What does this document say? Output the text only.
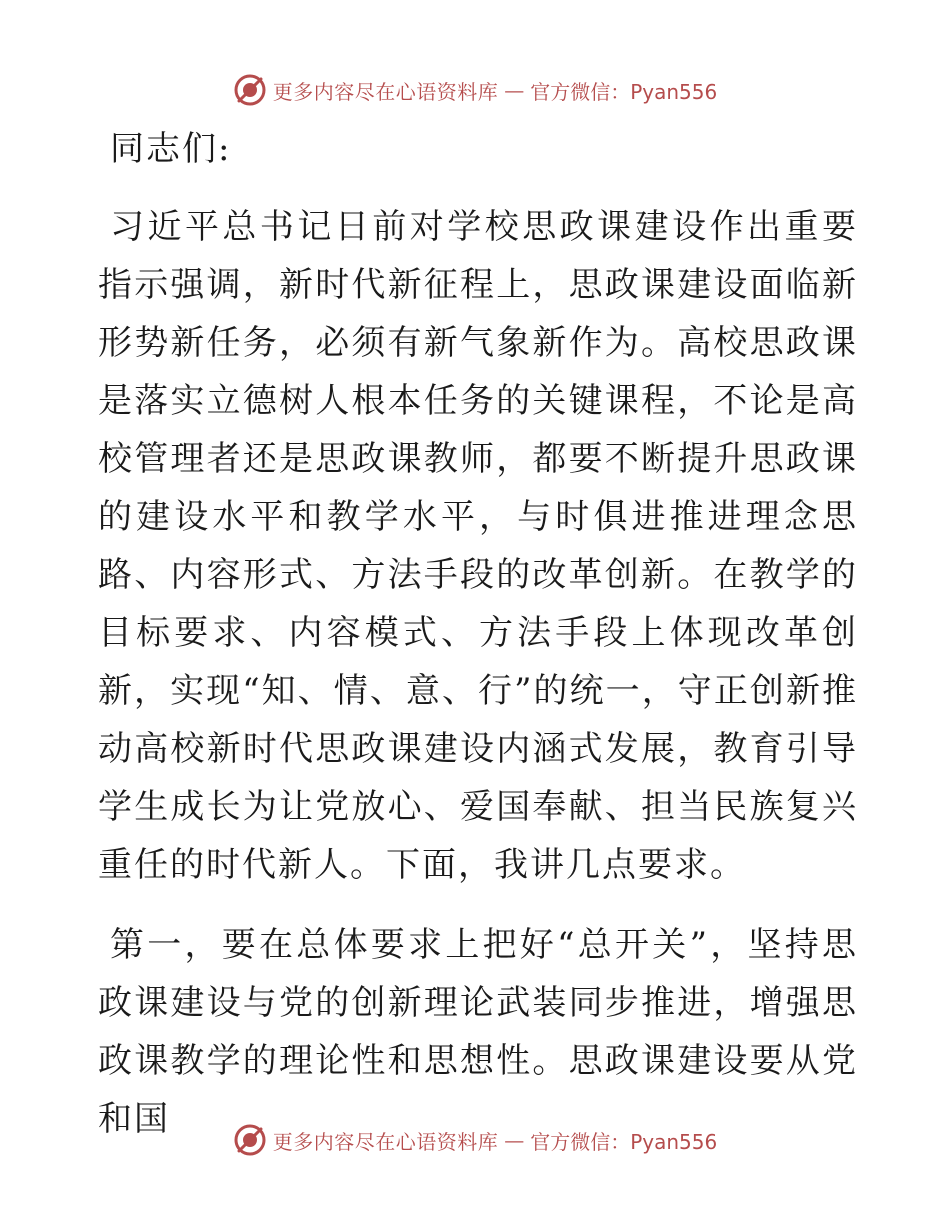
更多内容尽在心语资料库 — 官方微信：Pyan556

同志们:

习近平总书记日前对学校思政课建设作出重要指示强调，新时代新征程上，思政课建设面临新形势新任务，必须有新气象新作为。高校思政课是落实立德树人根本任务的关键课程，不论是高校管理者还是思政课教师，都要不断提升思政课的建设水平和教学水平，与时俱进推进理念思路、内容形式、方法手段的改革创新。在教学的目标要求、内容模式、方法手段上体现改革创新，实现“知、情、意、行”的统一，守正创新推动高校新时代思政课建设内涵式发展，教育引导学生成长为让党放心、爱国奉献、担当民族复兴重任的时代新人。下面，我讲几点要求。

第一，要在总体要求上把好“总开关”，坚持思政课建设与党的创新理论武装同步推进，增强思政课教学的理论性和思想性。思政课建设要从党和国

更多内容尽在心语资料库 — 官方微信：Pyan556
